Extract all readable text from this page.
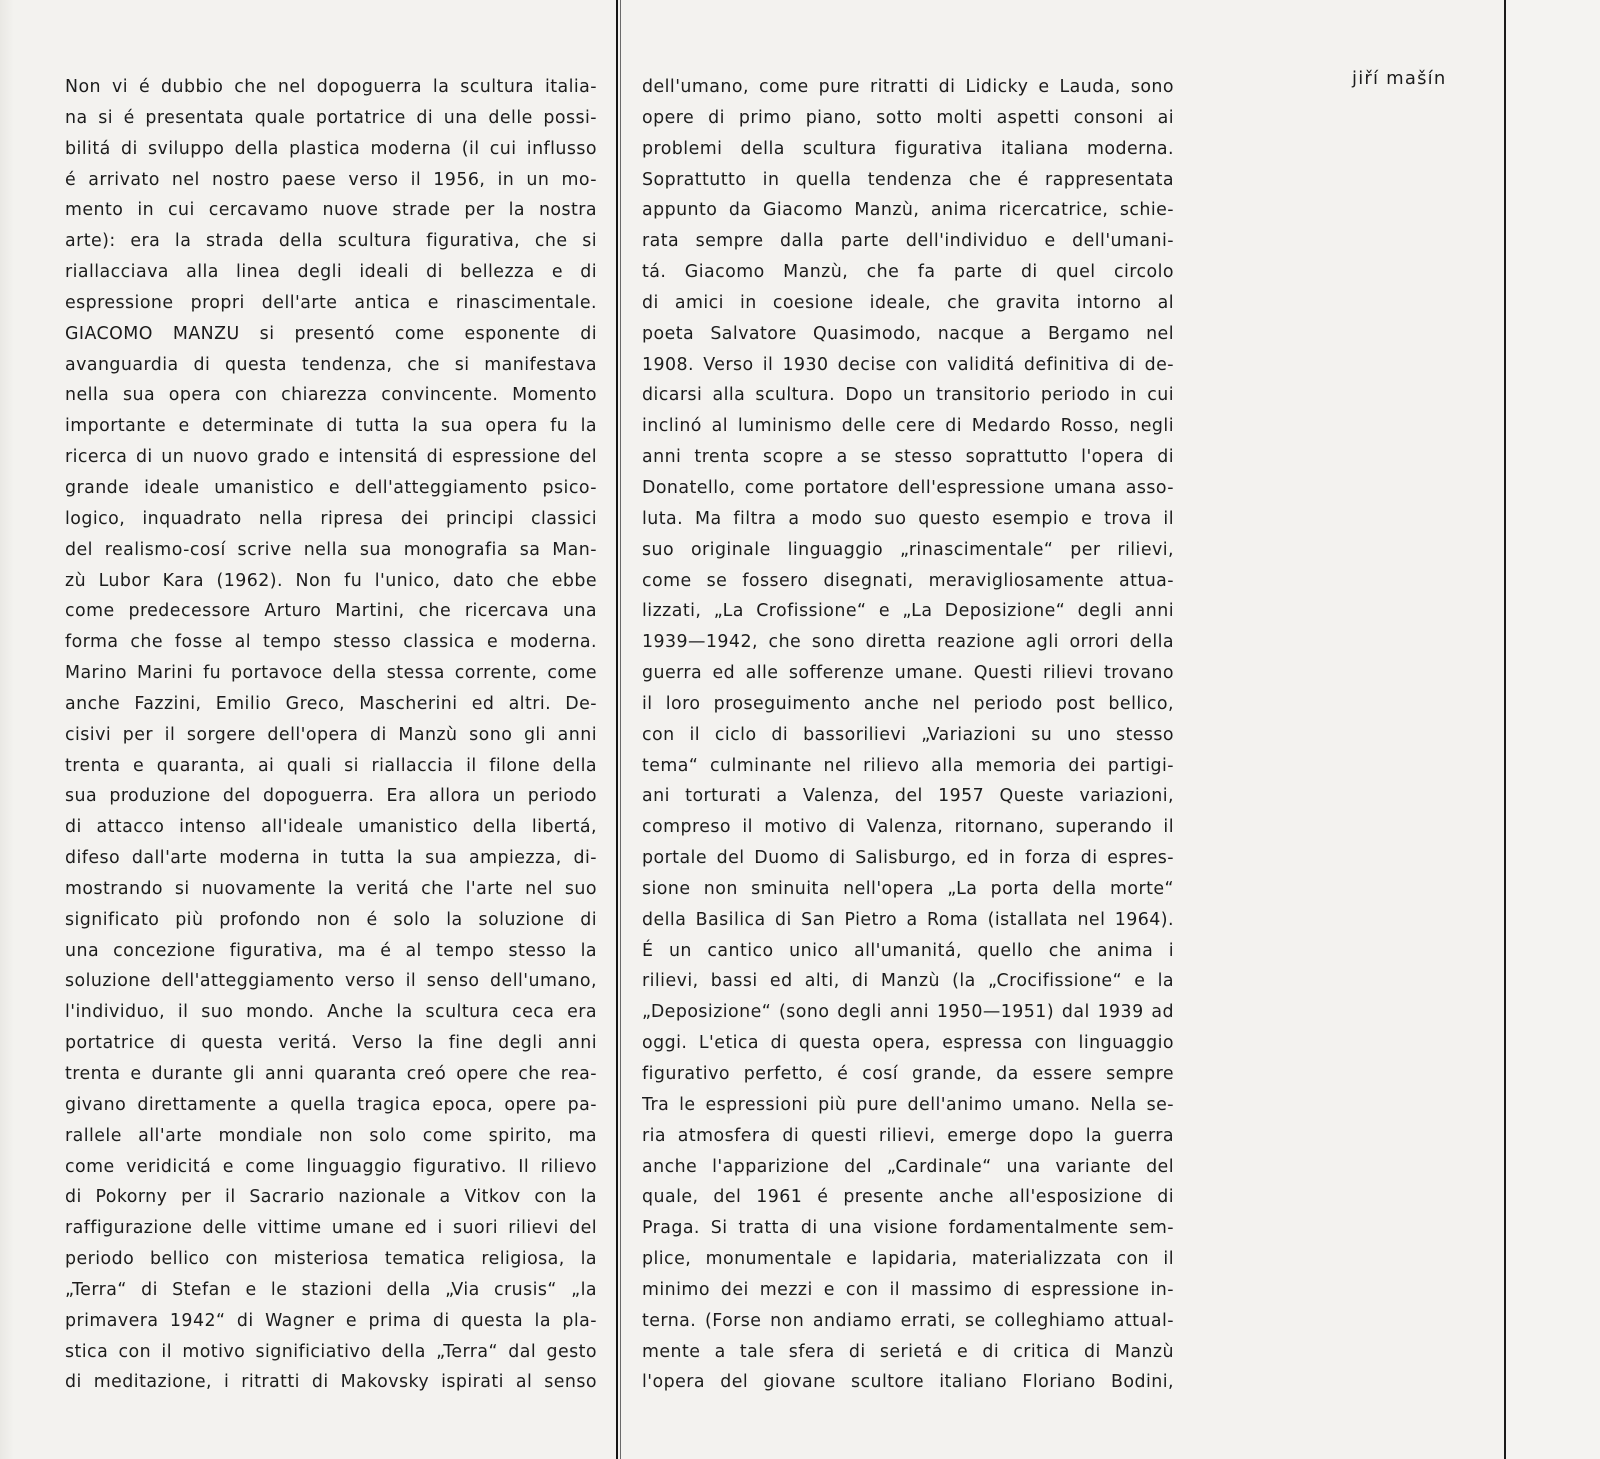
jiří mašín
Non vi é dubbio che nel dopoguerra la scultura italia-
na si é presentata quale portatrice di una delle possi-
bilitá di sviluppo della plastica moderna (il cui influsso
é arrivato nel nostro paese verso il 1956, in un mo-
mento in cui cercavamo nuove strade per la nostra
arte): era la strada della scultura figurativa, che si
riallacciava alla linea degli ideali di bellezza e di
espressione propri dell'arte antica e rinascimentale.
GIACOMO MANZU si presentó come esponente di
avanguardia di questa tendenza, che si manifestava
nella sua opera con chiarezza convincente. Momento
importante e determinate di tutta la sua opera fu la
ricerca di un nuovo grado e intensitá di espressione del
grande ideale umanistico e dell'atteggiamento psico-
logico, inquadrato nella ripresa dei principi classici
del realismo-cosí scrive nella sua monografia sa Man-
zù Lubor Kara (1962). Non fu l'unico, dato che ebbe
come predecessore Arturo Martini, che ricercava una
forma che fosse al tempo stesso classica e moderna.
Marino Marini fu portavoce della stessa corrente, come
anche Fazzini, Emilio Greco, Mascherini ed altri. De-
cisivi per il sorgere dell'opera di Manzù sono gli anni
trenta e quaranta, ai quali si riallaccia il filone della
sua produzione del dopoguerra. Era allora un periodo
di attacco intenso all'ideale umanistico della libertá,
difeso dall'arte moderna in tutta la sua ampiezza, di-
mostrando si nuovamente la veritá che l'arte nel suo
significato più profondo non é solo la soluzione di
una concezione figurativa, ma é al tempo stesso la
soluzione dell'atteggiamento verso il senso dell'umano,
l'individuo, il suo mondo. Anche la scultura ceca era
portatrice di questa veritá. Verso la fine degli anni
trenta e durante gli anni quaranta creó opere che rea-
givano direttamente a quella tragica epoca, opere pa-
rallele all'arte mondiale non solo come spirito, ma
come veridicitá e come linguaggio figurativo. Il rilievo
di Pokorny per il Sacrario nazionale a Vitkov con la
raffigurazione delle vittime umane ed i suori rilievi del
periodo bellico con misteriosa tematica religiosa, la
„Terra“ di Stefan e le stazioni della „Via crusis“ „la
primavera 1942“ di Wagner e prima di questa la pla-
stica con il motivo significiativo della „Terra“ dal gesto
di meditazione, i ritratti di Makovsky ispirati al senso
dell'umano, come pure ritratti di Lidicky e Lauda, sono
opere di primo piano, sotto molti aspetti consoni ai
problemi della scultura figurativa italiana moderna.
Soprattutto in quella tendenza che é rappresentata
appunto da Giacomo Manzù, anima ricercatrice, schie-
rata sempre dalla parte dell'individuo e dell'umani-
tá. Giacomo Manzù, che fa parte di quel circolo
di amici in coesione ideale, che gravita intorno al
poeta Salvatore Quasimodo, nacque a Bergamo nel
1908. Verso il 1930 decise con validitá definitiva di de-
dicarsi alla scultura. Dopo un transitorio periodo in cui
inclinó al luminismo delle cere di Medardo Rosso, negli
anni trenta scopre a se stesso soprattutto l'opera di
Donatello, come portatore dell'espressione umana asso-
luta. Ma filtra a modo suo questo esempio e trova il
suo originale linguaggio „rinascimentale“ per rilievi,
come se fossero disegnati, meravigliosamente attua-
lizzati, „La Crofissione“ e „La Deposizione“ degli anni
1939—1942, che sono diretta reazione agli orrori della
guerra ed alle sofferenze umane. Questi rilievi trovano
il loro proseguimento anche nel periodo post bellico,
con il ciclo di bassorilievi „Variazioni su uno stesso
tema“ culminante nel rilievo alla memoria dei partigi-
ani torturati a Valenza, del 1957 Queste variazioni,
compreso il motivo di Valenza, ritornano, superando il
portale del Duomo di Salisburgo, ed in forza di espres-
sione non sminuita nell'opera „La porta della morte“
della Basilica di San Pietro a Roma (istallata nel 1964).
É un cantico unico all'umanitá, quello che anima i
rilievi, bassi ed alti, di Manzù (la „Crocifissione“ e la
„Deposizione“ (sono degli anni 1950—1951) dal 1939 ad
oggi. L'etica di questa opera, espressa con linguaggio
figurativo perfetto, é cosí grande, da essere sempre
Tra le espressioni più pure dell'animo umano. Nella se-
ria atmosfera di questi rilievi, emerge dopo la guerra
anche l'apparizione del „Cardinale“ una variante del
quale, del 1961 é presente anche all'esposizione di
Praga. Si tratta di una visione fordamentalmente sem-
plice, monumentale e lapidaria, materializzata con il
minimo dei mezzi e con il massimo di espressione in-
terna. (Forse non andiamo errati, se colleghiamo attual-
mente a tale sfera di serietá e di critica di Manzù
l'opera del giovane scultore italiano Floriano Bodini,
